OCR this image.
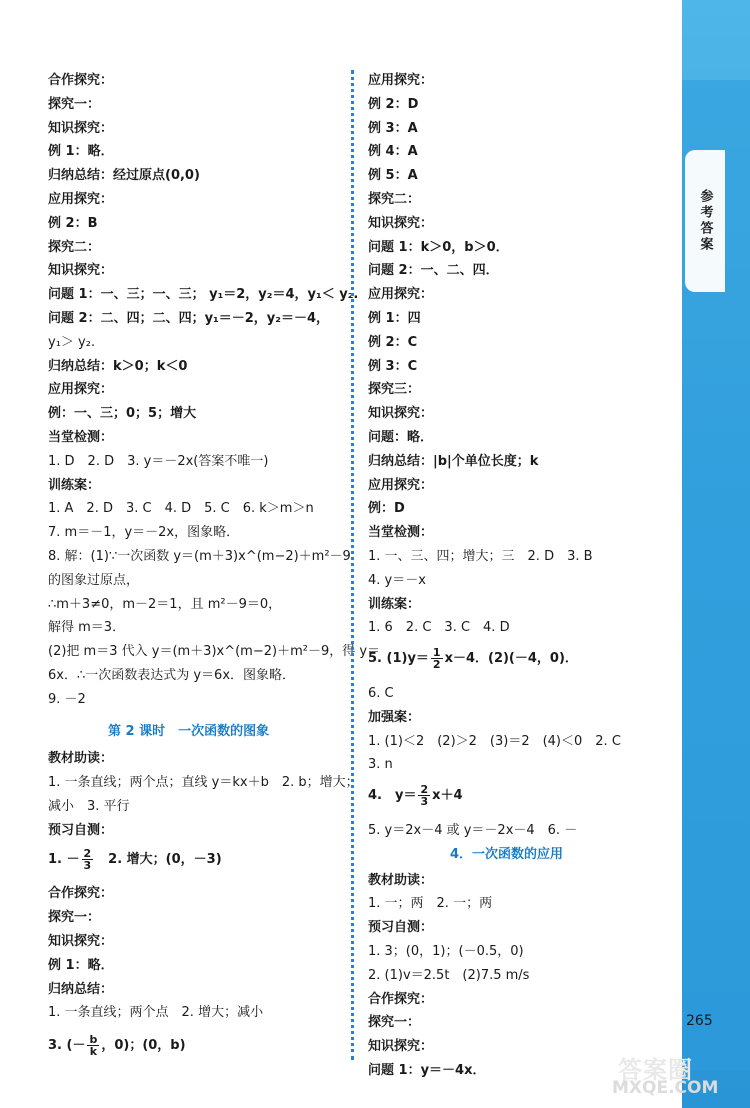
合作探究：
探究一：
知识探究：
例 1：略．
归纳总结：经过原点(0,0)
应用探究：
例 2：B
探究二：
知识探究：
问题 1：一、三；一、三； y₁＝2，y₂＝4，y₁＜ y₂.
问题 2：二、四；二、四；y₁＝－2，y₂＝－4，
y₁＞ y₂.
归纳总结：k＞0；k＜0
应用探究：
例：一、三；0；5；增大
当堂检测：
1. D　2. D　3. y＝－2x(答案不唯一)
训练案：
1. A　2. D　3. C　4. D　5. C　6. k＞m＞n
7. m＝－1，y＝－2x，图象略．
8. 解：(1)∵一次函数 y＝(m＋3)x^(m−2)＋m²－9
的图象过原点，
∴m＋3≠0，m－2＝1，且 m²－9＝0，
解得 m＝3．
(2)把 m＝3 代入 y＝(m＋3)x^(m−2)＋m²－9，得 y＝
6x．∴一次函数表达式为 y＝6x．图象略．
9. －2
第 2 课时　一次函数的图象
教材助读：
1. 一条直线；两个点；直线 y＝kx＋b　2. b；增大；
减小　3. 平行
预习自测：
1. － $\frac{2}{3}$ 　2. 增大；(0，－3)
合作探究：
探究一：
知识探究：
例 1：略．
归纳总结：
1. 一条直线；两个点　2. 增大；减小
3. (－ $\frac{b}{k}$ ，0)；(0，b)
应用探究：
例 2：D
例 3：A
例 4：A
例 5：A
探究二：
知识探究：
问题 1：k＞0，b＞0．
问题 2：一、二、四．
应用探究：
例 1：四
例 2：C
例 3：C
探究三：
知识探究：
问题：略．
归纳总结：|b|个单位长度；k
应用探究：
例：D
当堂检测：
1. 一、三、四；增大；三　2. D　3. B
4. y＝－x
训练案：
1. 6　2. C　3. C　4. D
5. $(1)y= \frac{1}{2} x-4$．(2)(－4，0)．
6. C
加强案：
1. (1)＜2　(2)＞2　(3)＝2　(4)＜0　2. C
3. n
4.　$y= \frac{2}{3} x+4$
5. y＝2x－4 或 y＝－2x－4　6. －
4．一次函数的应用
教材助读：
1. 一；两　2. 一；两
预习自测：
1. 3；(0，1)；(－0.5，0)
2. (1)v＝2.5t　(2)7.5 m/s
合作探究：
探究一：
知识探究：
问题 1：y＝－4x．
参考答案
265
答案圈
MXQE.COM
